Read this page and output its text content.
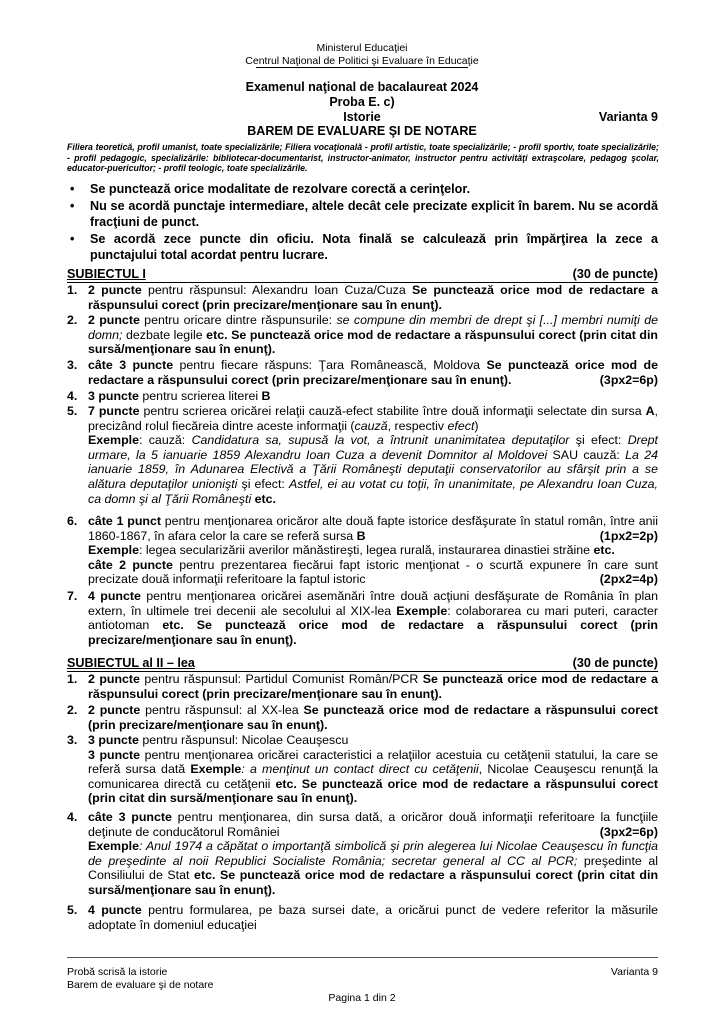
Ministerul Educaţiei
Centrul Naţional de Politici şi Evaluare în Educaţie
Examenul naţional de bacalaureat 2024
Proba E. c)
Istorie	Varianta 9
BAREM DE EVALUARE ŞI DE NOTARE
Filiera teoretică, profil umanist, toate specializările; Filiera vocaţională - profil artistic, toate specializările; - profil sportiv, toate specializările; - profil pedagogic, specializările: bibliotecar-documentarist, instructor-animator, instructor pentru activităţi extraşcolare, pedagog şcolar, educator-puericultor; - profil teologic, toate specializările.
• Se punctează orice modalitate de rezolvare corectă a cerinţelor.
• Nu se acordă punctaje intermediare, altele decât cele precizate explicit în barem. Nu se acordă fracţiuni de punct.
• Se acordă zece puncte din oficiu. Nota finală se calculează prin împărţirea la zece a punctajului total acordat pentru lucrare.
SUBIECTUL I	(30 de puncte)
1. 2 puncte pentru răspunsul: Alexandru Ioan Cuza/Cuza Se punctează orice mod de redactare a răspunsului corect (prin precizare/menţionare sau în enunţ).
2. 2 puncte pentru oricare dintre răspunsurile: se compune din membri de drept şi [...] membri numiţi de domn; dezbate legile etc. Se punctează orice mod de redactare a răspunsului corect (prin citat din sursă/menţionare sau în enunţ).
3. câte 3 puncte pentru fiecare răspuns: Ţara Românească, Moldova Se punctează orice mod de redactare a răspunsului corect (prin precizare/menţionare sau în enunţ).	(3px2=6p)
4. 3 puncte pentru scrierea literei B
5. 7 puncte pentru scrierea oricărei relaţii cauză-efect stabilite între două informaţii selectate din sursa A, precizând rolul fiecăreia dintre aceste informaţii (cauză, respectiv efect)
Exemple: cauză: Candidatura sa, supusă la vot, a întrunit unanimitatea deputaţilor şi efect: Drept urmare, la 5 ianuarie 1859 Alexandru Ioan Cuza a devenit Domnitor al Moldovei SAU cauză: La 24 ianuarie 1859, în Adunarea Electivă a Ţării Româneşti deputaţii conservatorilor au sfârşit prin a se alătura deputaţilor unionişti şi efect: Astfel, ei au votat cu toţii, în unanimitate, pe Alexandru Ioan Cuza, ca domn şi al Ţării Româneşti etc.
6. câte 1 punct pentru menţionarea oricăror alte două fapte istorice desfăşurate în statul român, între anii 1860-1867, în afara celor la care se referă sursa B	(1px2=2p)

Exemple: legea secularizării averilor mănăstireşti, legea rurală, instaurarea dinastiei străine etc.
câte 2 puncte pentru prezentarea fiecărui fapt istoric menţionat - o scurtă expunere în care sunt precizate două informaţii referitoare la faptul istoric	(2px2=4p)
7. 4 puncte pentru menţionarea oricărei asemănări între două acţiuni desfăşurate de România în plan extern, în ultimele trei decenii ale secolului al XIX-lea Exemple: colaborarea cu mari puteri, caracter antiotoman etc. Se punctează orice mod de redactare a răspunsului corect (prin precizare/menţionare sau în enunţ).
SUBIECTUL al II – lea	(30 de puncte)
1. 2 puncte pentru răspunsul: Partidul Comunist Român/PCR Se punctează orice mod de redactare a răspunsului corect (prin precizare/menţionare sau în enunţ).
2. 2 puncte pentru răspunsul: al XX-lea Se punctează orice mod de redactare a răspunsului corect (prin precizare/menţionare sau în enunţ).
3. 3 puncte pentru răspunsul: Nicolae Ceauşescu
3 puncte pentru menţionarea oricărei caracteristici a relaţiilor acestuia cu cetăţenii statului, la care se referă sursa dată Exemple: a menţinut un contact direct cu cetăţenii, Nicolae Ceauşescu renunţă la comunicarea directă cu cetăţenii etc. Se punctează orice mod de redactare a răspunsului corect (prin citat din sursă/menţionare sau în enunţ).
4. câte 3 puncte pentru menţionarea, din sursa dată, a oricăror două informaţii referitoare la funcţiile deţinute de conducătorul României	(3px2=6p)

Exemple: Anul 1974 a căpătat o importanţă simbolică şi prin alegerea lui Nicolae Ceauşescu în funcţia de preşedinte al noii Republici Socialiste România; secretar general al CC al PCR; preşedinte al Consiliului de Stat etc. Se punctează orice mod de redactare a răspunsului corect (prin citat din sursă/menţionare sau în enunţ).
5. 4 puncte pentru formularea, pe baza sursei date, a oricărui punct de vedere referitor la măsurile adoptate în domeniul educaţiei
Probă scrisă la istorie
Barem de evaluare şi de notare
Varianta 9
Pagina 1 din 2
